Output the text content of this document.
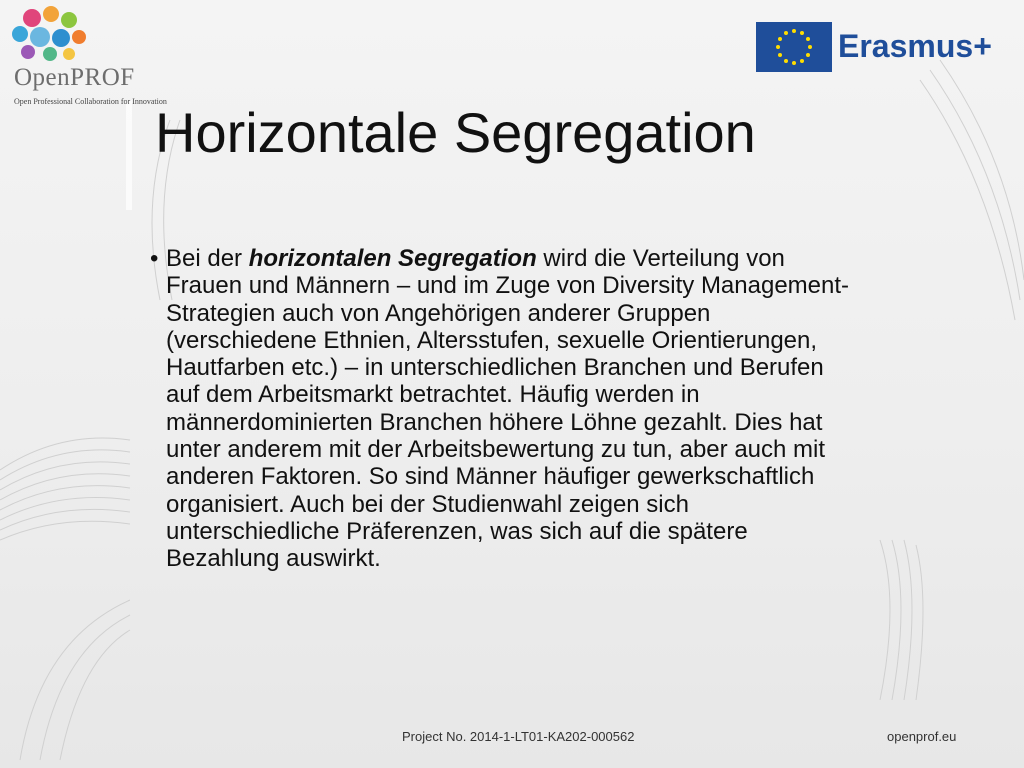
OpenPROF
Open Professional Collaboration for Innovation
Erasmus+
Horizontale Segregation
• Bei der horizontalen Segregation wird die Verteilung von Frauen und Männern – und im Zuge von Diversity Management-Strategien auch von Angehörigen anderer Gruppen (verschiedene Ethnien, Altersstufen, sexuelle Orientierungen, Hautfarben etc.) – in unterschiedlichen Branchen und Berufen auf dem Arbeitsmarkt betrachtet. Häufig werden in männerdominierten Branchen höhere Löhne gezahlt. Dies hat unter anderem mit der Arbeitsbewertung zu tun, aber auch mit anderen Faktoren. So sind Männer häufiger gewerkschaftlich organisiert. Auch bei der Studienwahl zeigen sich unterschiedliche Präferenzen, was sich auf die spätere Bezahlung auswirkt.
Project No. 2014-1-LT01-KA202-000562	openprof.eu
